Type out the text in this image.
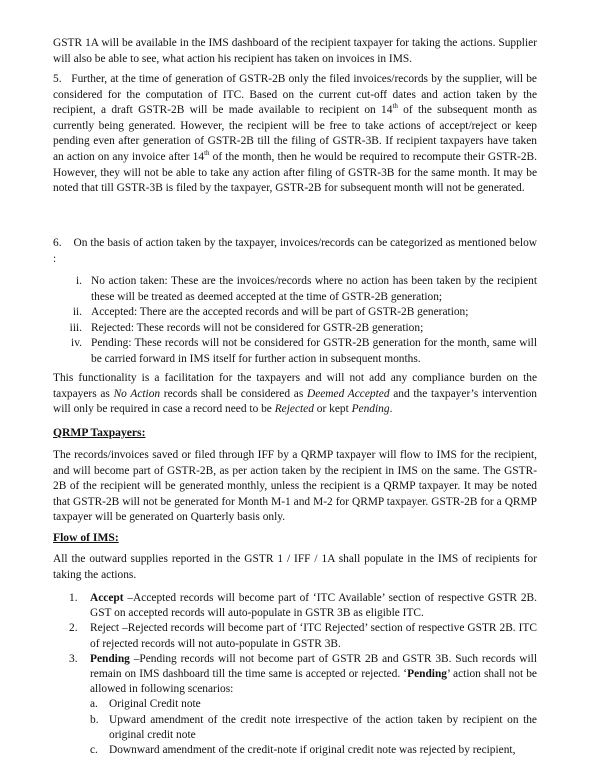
GSTR 1A will be available in the IMS dashboard of the recipient taxpayer for taking the actions. Supplier will also be able to see, what action his recipient has taken on invoices in IMS.

5.   Further, at the time of generation of GSTR-2B only the filed invoices/records by the supplier, will be considered for the computation of ITC. Based on the current cut-off dates and action taken by the recipient, a draft GSTR-2B will be made available to recipient on 14th of the subsequent month as currently being generated. However, the recipient will be free to take actions of accept/reject or keep pending even after generation of GSTR-2B till the filing of GSTR-3B. If recipient taxpayers have taken an action on any invoice after 14th of the month, then he would be required to recompute their GSTR-2B. However, they will not be able to take any action after filing of GSTR-3B for the same month. It may be noted that till GSTR-3B is filed by the taxpayer, GSTR-2B for subsequent month will not be generated.

6.    On the basis of action taken by the taxpayer, invoices/records can be categorized as mentioned below :

i. No action taken: These are the invoices/records where no action has been taken by the recipient these will be treated as deemed accepted at the time of GSTR-2B generation;
ii. Accepted: There are the accepted records and will be part of GSTR-2B generation;
iii. Rejected: These records will not be considered for GSTR-2B generation;
iv. Pending: These records will not be considered for GSTR-2B generation for the month, same will be carried forward in IMS itself for further action in subsequent months.

This functionality is a facilitation for the taxpayers and will not add any compliance burden on the taxpayers as No Action records shall be considered as Deemed Accepted and the taxpayer’s intervention will only be required in case a record need to be Rejected or kept Pending.

QRMP Taxpayers:

The records/invoices saved or filed through IFF by a QRMP taxpayer will flow to IMS for the recipient, and will become part of GSTR-2B, as per action taken by the recipient in IMS on the same. The GSTR-2B of the recipient will be generated monthly, unless the recipient is a QRMP taxpayer. It may be noted that GSTR-2B will not be generated for Month M-1 and M-2 for QRMP taxpayer. GSTR-2B for a QRMP taxpayer will be generated on Quarterly basis only.

Flow of IMS:

All the outward supplies reported in the GSTR 1 / IFF / 1A shall populate in the IMS of recipients for taking the actions.

1.	Accept –Accepted records will become part of ‘ITC Available’ section of respective GSTR 2B. GST on accepted records will auto-populate in GSTR 3B as eligible ITC.
2.	Reject –Rejected records will become part of ‘ITC Rejected’ section of respective GSTR 2B. ITC of rejected records will not auto-populate in GSTR 3B.
3.	Pending –Pending records will not become part of GSTR 2B and GSTR 3B. Such records will remain on IMS dashboard till the time same is accepted or rejected. ‘Pending’ action shall not be allowed in following scenarios:
a. Original Credit note
b. Upward amendment of the credit note irrespective of the action taken by recipient on the original credit note
c. Downward amendment of the credit-note if original credit note was rejected by recipient,
